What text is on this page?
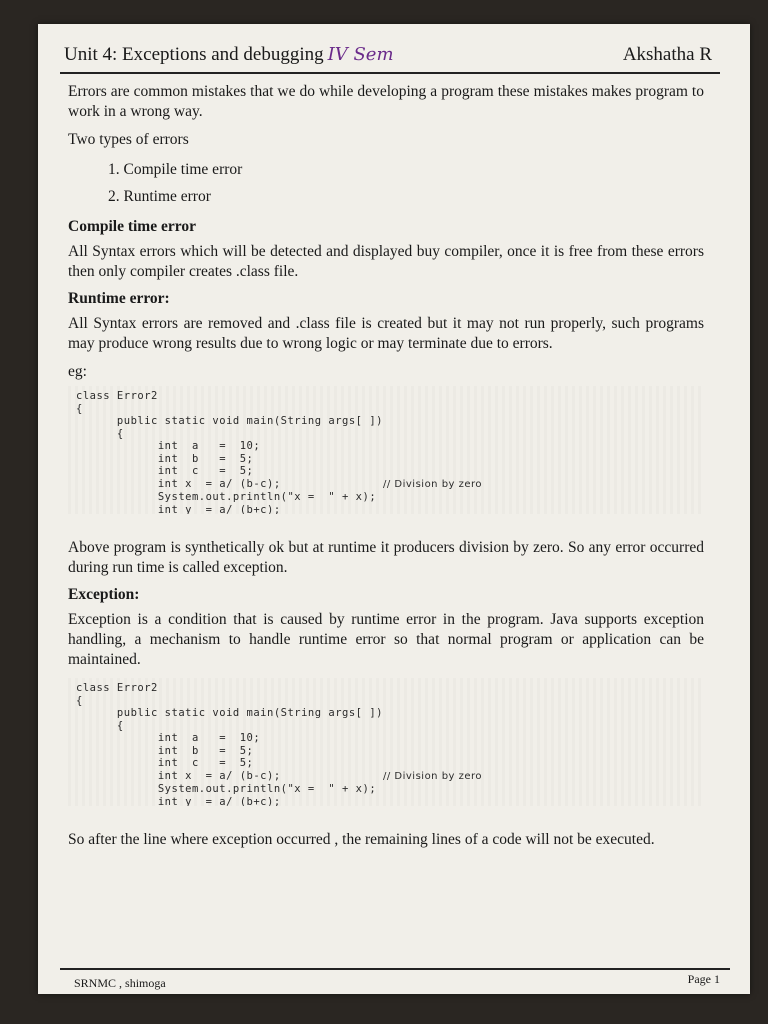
Unit 4: Exceptions and debugging IV Sem	Akshatha R

Errors are common mistakes that we do while developing a program these mistakes makes program to work in a wrong way.

Two types of errors

1. Compile time error
2. Runtime error
Compile time error

All Syntax errors which will be detected and displayed buy compiler, once it is free from these errors then only compiler creates .class file.

Runtime error:

All Syntax errors are removed and .class file is created but it may not run properly, such programs may produce wrong results due to wrong logic or may terminate due to errors.

eg:

class Error2
{
public static void main(String args[ ])
{
int  a   =  10;
int  b   =  5;
int  c   =  5;
int x  = a/ (b-c);	// Division by zero
System.out.println("x =  " + x);
int y  = a/ (b+c);

Above program is synthetically ok but at runtime it producers division by zero. So any error occurred during run time is called exception.

Exception:

Exception is a condition that is caused by runtime error in the program. Java supports exception handling, a mechanism to handle runtime error so that normal program or application can be maintained.

class Error2
{
public static void main(String args[ ])
{
int  a   =  10;
int  b   =  5;
int  c   =  5;
int x  = a/ (b-c);	// Division by zero
System.out.println("x =  " + x);
int y  = a/ (b+c);

So after the line where exception occurred , the remaining lines of a code will not be executed.

SRNMC , shimoga	Page 1
